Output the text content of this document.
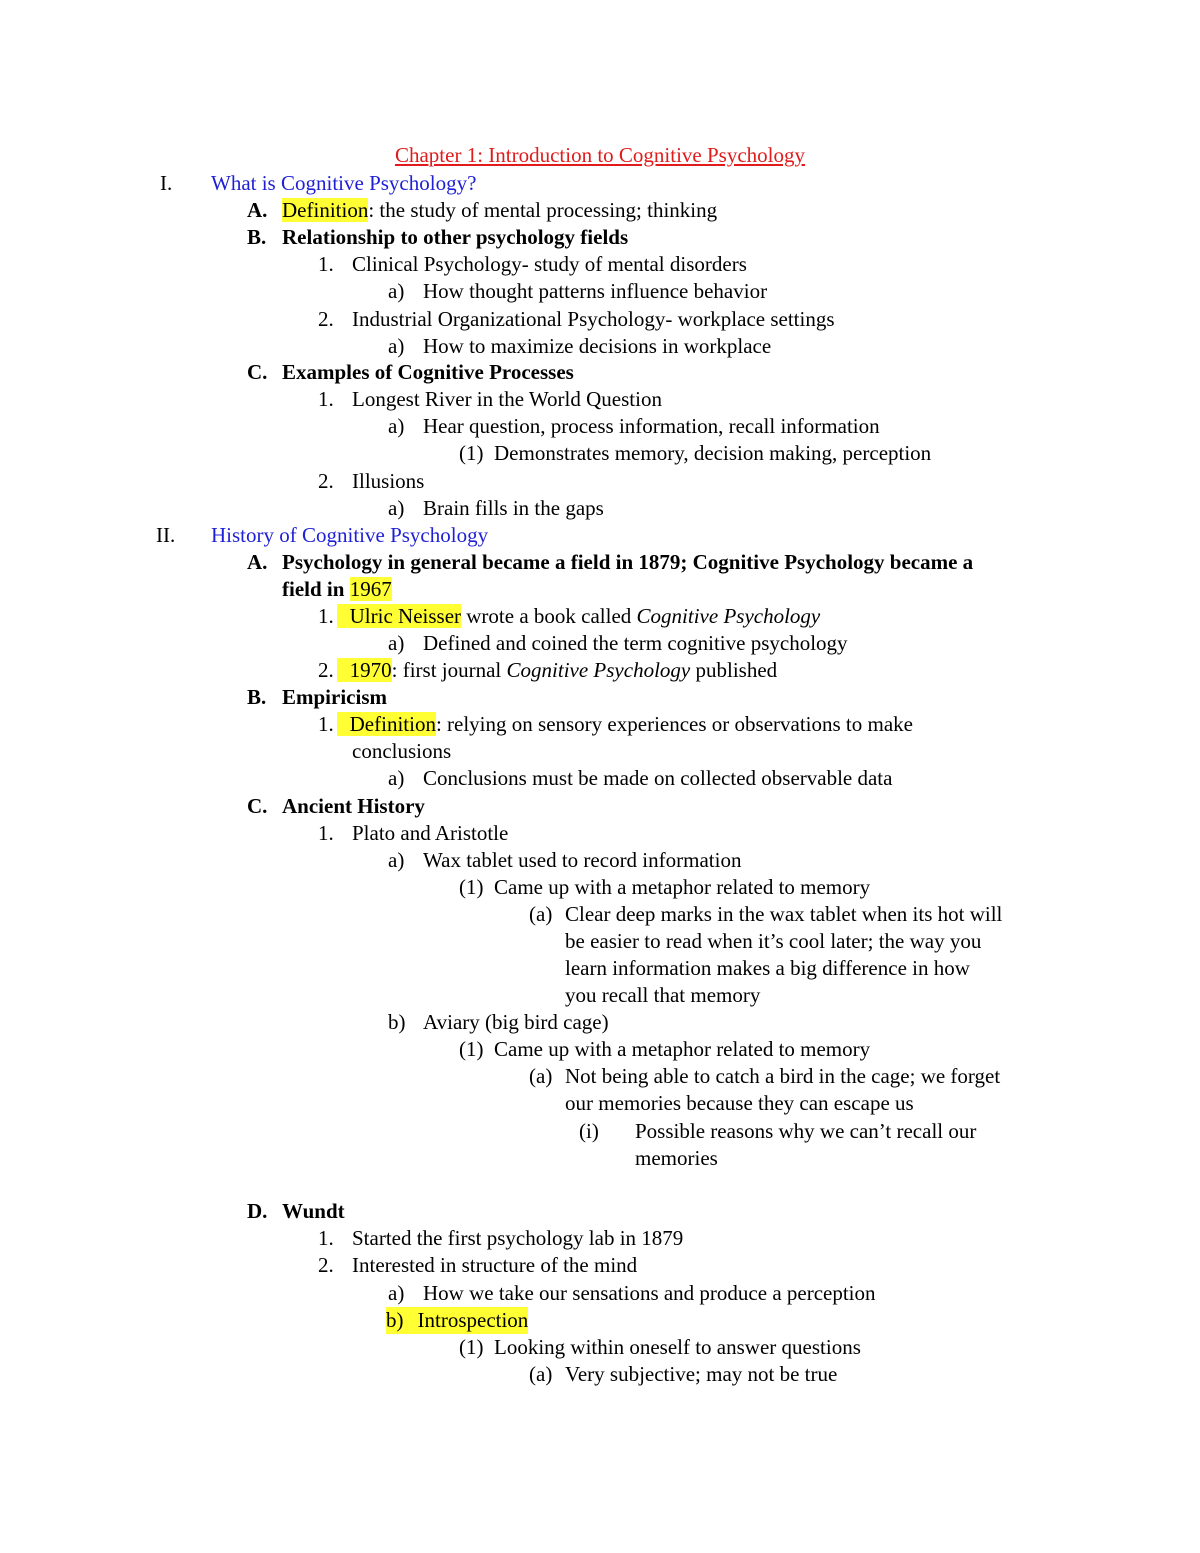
Chapter 1: Introduction to Cognitive Psychology
I. What is Cognitive Psychology?
A. Definition: the study of mental processing; thinking
B. Relationship to other psychology fields
1. Clinical Psychology- study of mental disorders
a) How thought patterns influence behavior
2. Industrial Organizational Psychology- workplace settings
a) How to maximize decisions in workplace
C. Examples of Cognitive Processes
1. Longest River in the World Question
a) Hear question, process information, recall information
(1) Demonstrates memory, decision making, perception
2. Illusions
a) Brain fills in the gaps
II. History of Cognitive Psychology
A. Psychology in general became a field in 1879; Cognitive Psychology became a
field in 1967
1.
    Ulric Neisser wrote a book called Cognitive Psychology
a) Defined and coined the term cognitive psychology
2.
    1970: first journal Cognitive Psychology published
B. Empiricism
1.
    Definition: relying on sensory experiences or observations to make
conclusions
a) Conclusions must be made on collected observable data
C. Ancient History
1. Plato and Aristotle
a) Wax tablet used to record information
(1) Came up with a metaphor related to memory
(a) Clear deep marks in the wax tablet when its hot will
be easier to read when it’s cool later; the way you
learn information makes a big difference in how
you recall that memory
b) Aviary (big bird cage)
(1) Came up with a metaphor related to memory
(a) Not being able to catch a bird in the cage; we forget
our memories because they can escape us
(i) Possible reasons why we can’t recall our
memories
D. Wundt
1. Started the first psychology lab in 1879
2. Interested in structure of the mind
a) How we take our sensations and produce a perception
b) Introspection
(1) Looking within oneself to answer questions
(a) Very subjective; may not be true
